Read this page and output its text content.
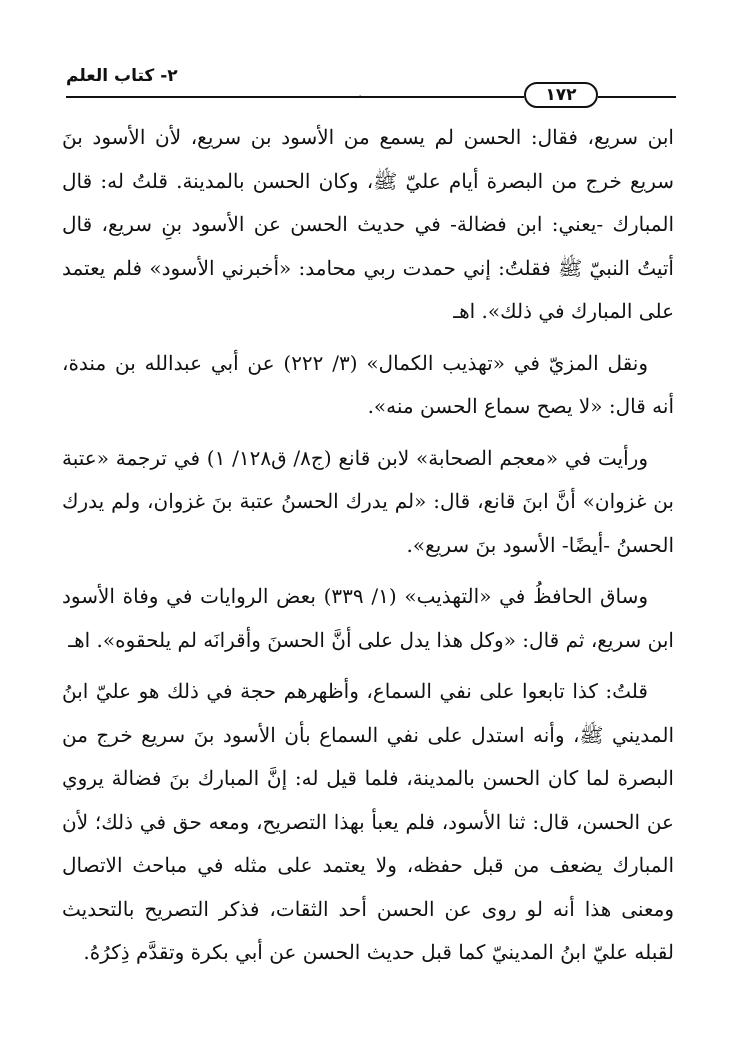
٢- كتاب العلم
١٧٢

ابن سريع، فقال: الحسن لم يسمع من الأسود بن سريع، لأن الأسود بنَ سريع خرج من البصرة أيام عليّ ﷺ، وكان الحسن بالمدينة. قلتُ له: قال المبارك -يعني: ابن فضالة- في حديث الحسن عن الأسود بنِ سريع، قال أتيتُ النبيّ ﷺ فقلتُ: إني حمدت ربي محامد: «أخبرني الأسود» فلم يعتمد على المبارك في ذلك». اهـ

ونقل المزيّ في «تهذيب الكمال» (٣/ ٢٢٢) عن أبي عبدالله بن مندة، أنه قال: «لا يصح سماع الحسن منه».

ورأيت في «معجم الصحابة» لابن قانع (ج٨/ ق١٢٨/ ١) في ترجمة «عتبة بن غزوان» أنَّ ابنَ قانع، قال: «لم يدرك الحسنُ عتبة بنَ غزوان، ولم يدرك الحسنُ -أيضًا- الأسود بنَ سريع».

وساق الحافظُ في «التهذيب» (١/ ٣٣٩) بعض الروايات في وفاة الأسود ابن سريع، ثم قال: «وكل هذا يدل على أنَّ الحسنَ وأقرانَه لم يلحقوه». اهـ

قلتُ: كذا تابعوا على نفي السماع، وأظهرهم حجة في ذلك هو عليّ ابنُ المديني ﷺ، وأنه استدل على نفي السماع بأن الأسود بنَ سريع خرج من البصرة لما كان الحسن بالمدينة، فلما قيل له: إنَّ المبارك بنَ فضالة يروي عن الحسن، قال: ثنا الأسود، فلم يعبأ بهذا التصريح، ومعه حق في ذلك؛ لأن المبارك يضعف من قبل حفظه، ولا يعتمد على مثله في مباحث الاتصال ومعنى هذا أنه لو روى عن الحسن أحد الثقات، فذكر التصريح بالتحديث لقبله عليّ ابنُ المدينيّ كما قبل حديث الحسن عن أبي بكرة وتقدَّم ذِكرُهُ.
